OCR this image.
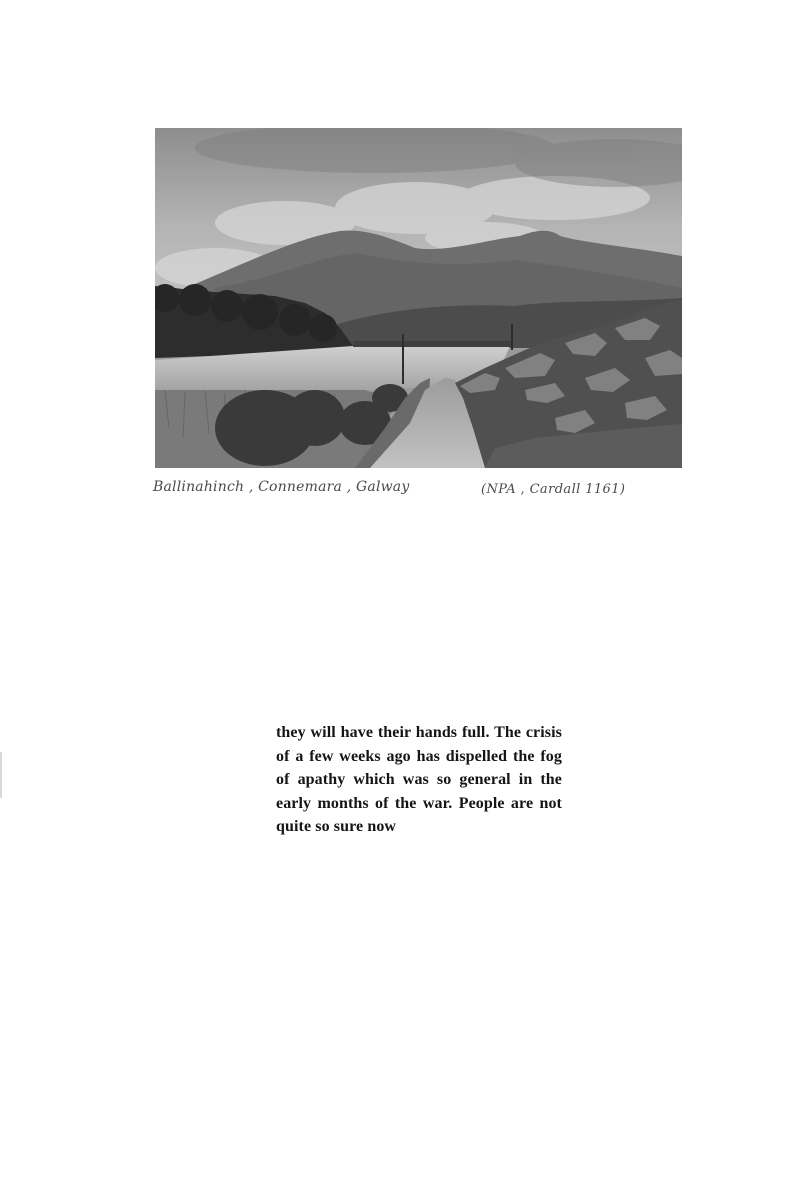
Ballinahinch , Connemara , Galway	(NPA , Cardall 1161)

they will have their hands full. The crisis of a few weeks ago has dispelled the fog of apathy which was so general in the early months of the war. People are not quite so sure now
